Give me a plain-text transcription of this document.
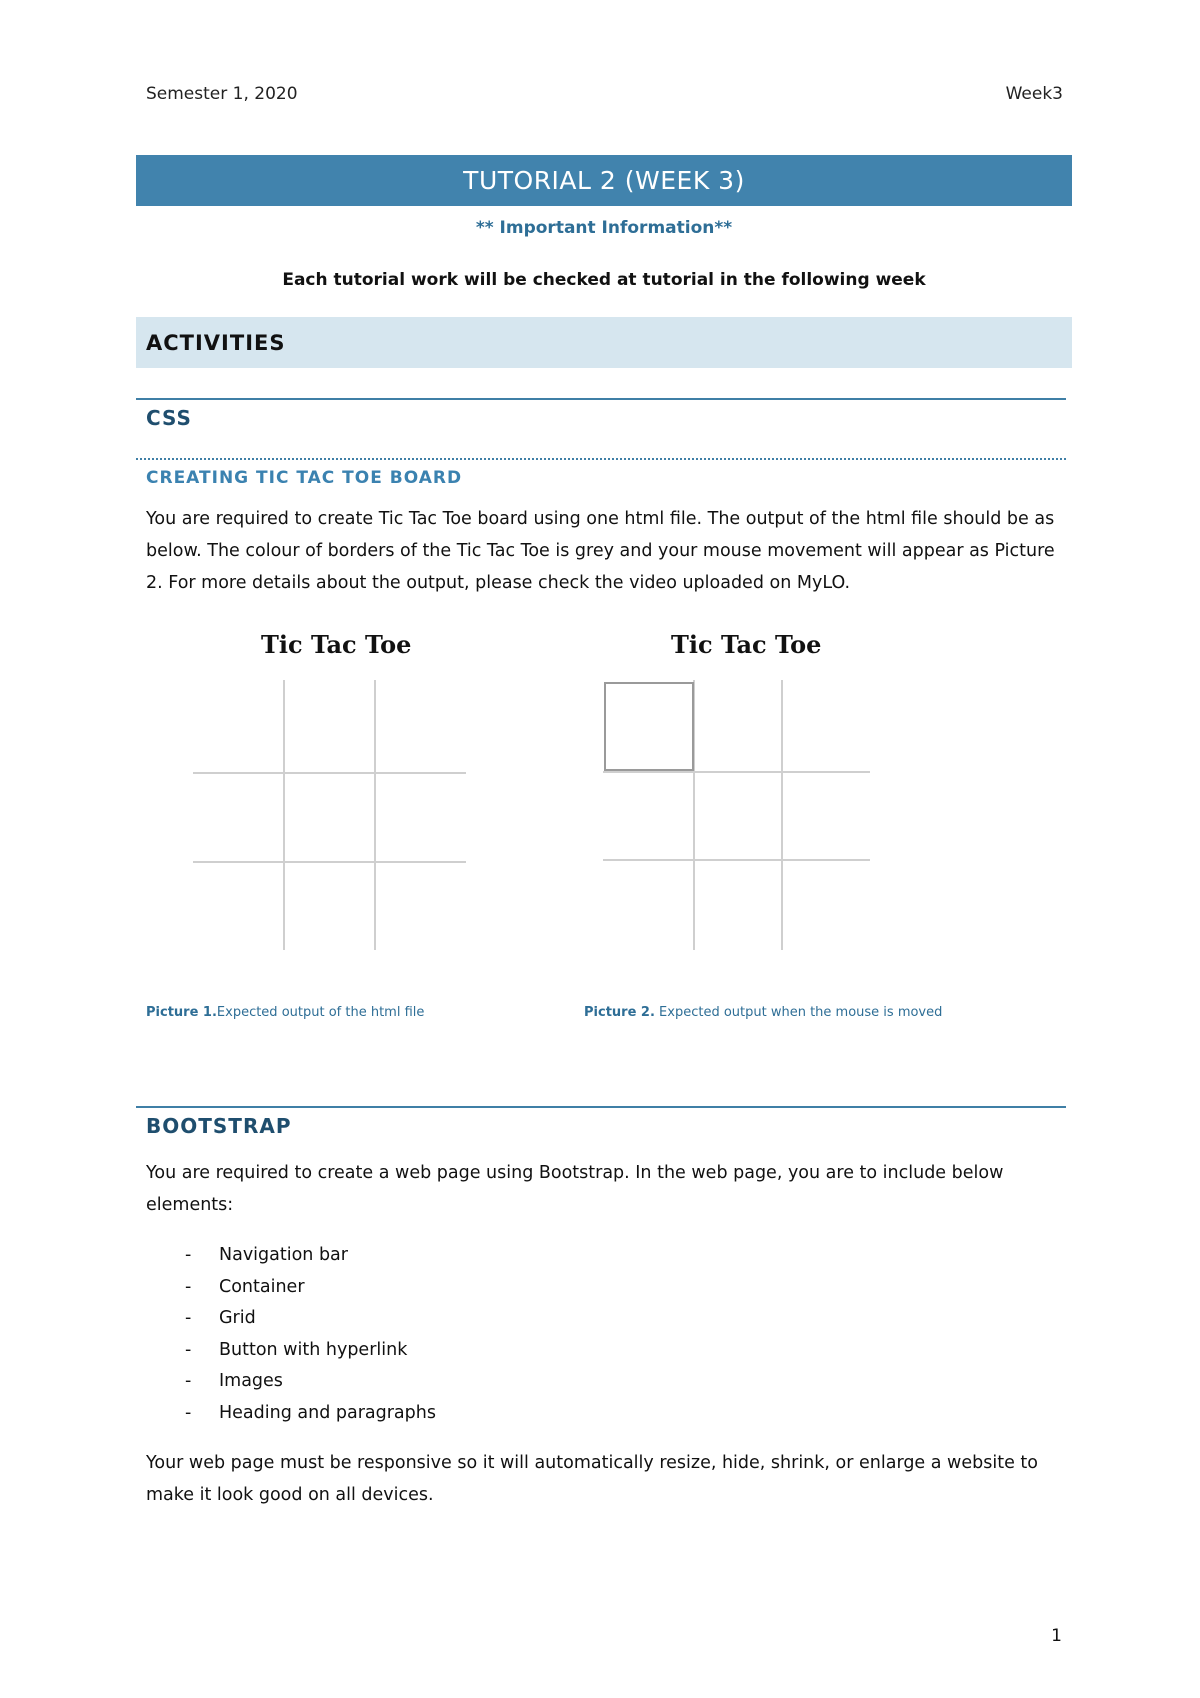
Semester 1, 2020	Week3
TUTORIAL 2 (WEEK 3)
** Important Information**
Each tutorial work will be checked at tutorial in the following week
ACTIVITIES
CSS
CREATING TIC TAC TOE BOARD
You are required to create Tic Tac Toe board using one html file. The output of the html file should be as below. The colour of borders of the Tic Tac Toe is grey and your mouse movement will appear as Picture 2. For more details about the output, please check the video uploaded on MyLO.
Tic Tac Toe	Tic Tac Toe
Picture 1.Expected output of the html file	Picture 2. Expected output when the mouse is moved
BOOTSTRAP
You are required to create a web page using Bootstrap. In the web page, you are to include below elements:
- Navigation bar
- Container
- Grid
- Button with hyperlink
- Images
- Heading and paragraphs
Your web page must be responsive so it will automatically resize, hide, shrink, or enlarge a website to make it look good on all devices.
1
